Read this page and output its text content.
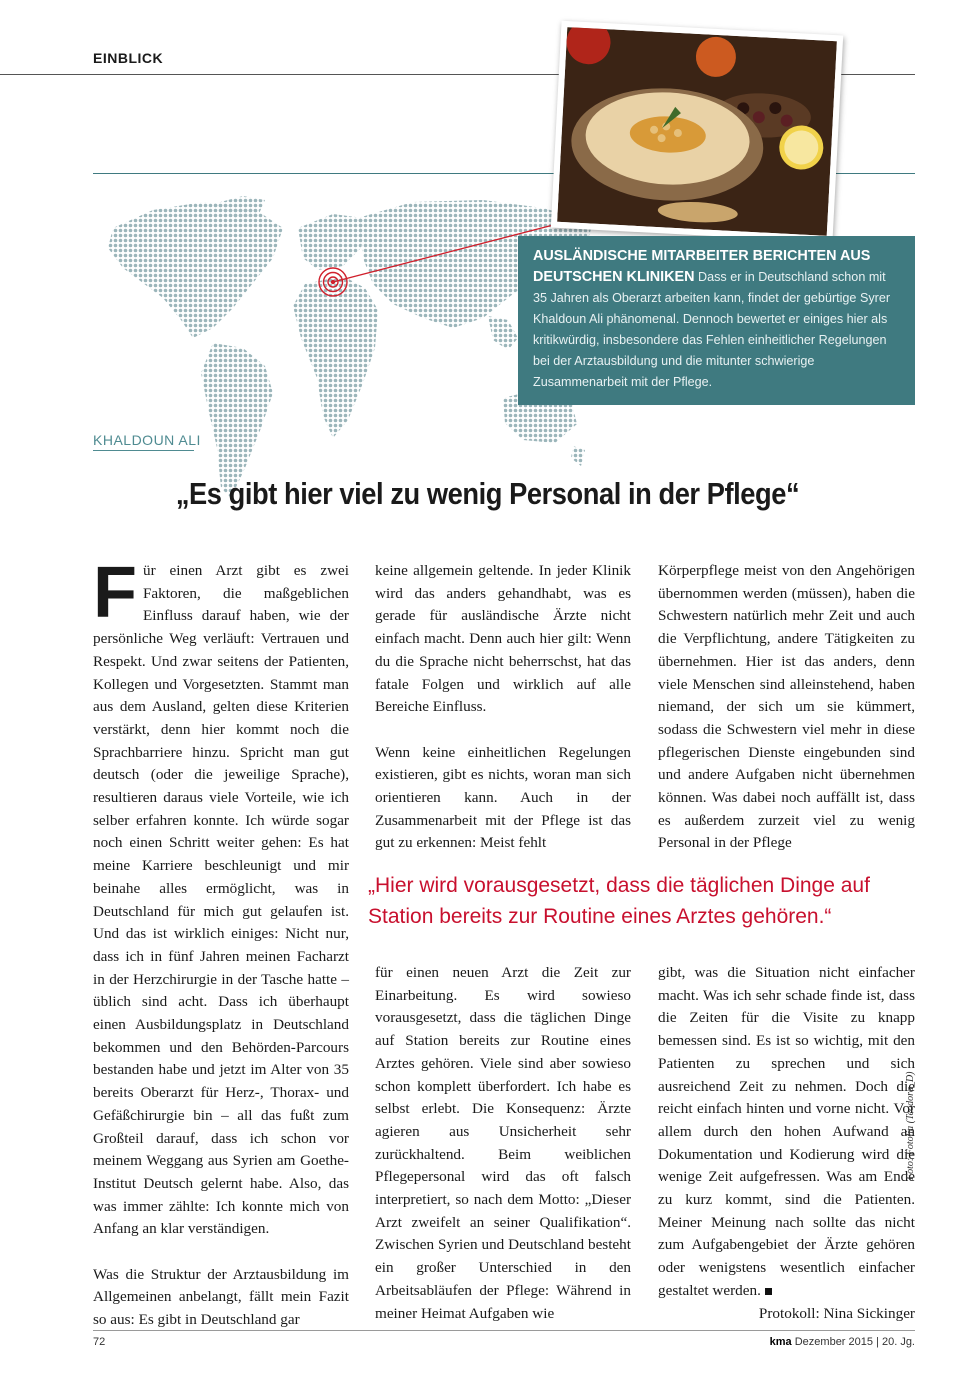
EINBLICK
AUSLÄNDISCHE MITARBEITER BERICHTEN AUS DEUTSCHEN KLINIKEN Dass er in Deutschland schon mit 35 Jahren als Oberarzt arbeiten kann, findet der gebürtige Syrer Khaldoun Ali phänomenal. Dennoch bewertet er einiges hier als kritikwürdig, insbesondere das Fehlen einheitlicher Regelungen bei der Arztausbildung und die mitunter schwierige Zusammenarbeit mit der Pflege.
KHALDOUN ALI
„Es gibt hier viel zu wenig Personal in der Pflege“

Für einen Arzt gibt es zwei Faktoren, die maßgeblichen Einfluss darauf haben, wie der persönliche Weg verläuft: Vertrauen und Respekt. Und zwar seitens der Patienten, Kollegen und Vorgesetzten. Stammt man aus dem Ausland, gelten diese Kriterien verstärkt, denn hier kommt noch die Sprachbarriere hinzu. Spricht man gut deutsch (oder die jeweilige Sprache), resultieren daraus viele Vorteile, wie ich selber erfahren konnte. Ich würde sogar noch einen Schritt weiter gehen: Es hat meine Karriere beschleunigt und mir beinahe alles ermöglicht, was in Deutschland für mich gut gelaufen ist. Und das ist wirklich einiges: Nicht nur, dass ich in fünf Jahren meinen Facharzt in der Herzchirurgie in der Tasche hatte – üblich sind acht. Dass ich überhaupt einen Ausbildungsplatz in Deutschland bekommen und den Behörden-Parcours bestanden habe und jetzt im Alter von 35 bereits Oberarzt für Herz-, Thorax- und Gefäßchirurgie bin – all das fußt zum Großteil darauf, dass ich schon vor meinem Weggang aus Syrien am Goethe-Institut Deutsch gelernt habe. Also, das was immer zählte: Ich konnte mich von Anfang an klar verständigen.

Was die Struktur der Arztausbildung im Allgemeinen anbelangt, fällt mein Fazit so aus: Es gibt in Deutschland gar

keine allgemein geltende. In jeder Klinik wird das anders gehandhabt, was es gerade für ausländische Ärzte nicht einfach macht. Denn auch hier gilt: Wenn du die Sprache nicht beherrschst, hat das fatale Folgen und wirklich auf alle Bereiche Einfluss.

Wenn keine einheitlichen Regelungen existieren, gibt es nichts, woran man sich orientieren kann. Auch in der Zusammenarbeit mit der Pflege ist das gut zu erkennen: Meist fehlt

Körperpflege meist von den Angehörigen übernommen werden (müssen), haben die Schwestern natürlich mehr Zeit und auch die Verpflichtung, andere Tätigkeiten zu übernehmen. Hier ist das anders, denn viele Menschen sind alleinstehend, haben niemand, der sich um sie kümmert, sodass die Schwestern viel mehr in diese pflegerischen Dienste eingebunden sind und andere Aufgaben nicht übernehmen können. Was dabei noch auffällt ist, dass es außerdem zurzeit viel zu wenig Personal in der Pflege

„Hier wird vorausgesetzt, dass die täglichen Dinge auf Station bereits zur Routine eines Arztes gehören.“

für einen neuen Arzt die Zeit zur Einarbeitung. Es wird sowieso vorausgesetzt, dass die täglichen Dinge auf Station bereits zur Routine eines Arztes gehören. Viele sind aber sowieso schon komplett überfordert. Ich habe es selbst erlebt. Die Konsequenz: Ärzte agieren aus Unsicherheit sehr zurückhaltend. Beim weiblichen Pflegepersonal wird das oft falsch interpretiert, so nach dem Motto: „Dieser Arzt zweifelt an seiner Qualifikation“. Zwischen Syrien und Deutschland besteht ein großer Unterschied in den Arbeitsabläufen der Pflege: Während in meiner Heimat Aufgaben wie

gibt, was die Situation nicht einfacher macht. Was ich sehr schade finde ist, dass die Zeiten für die Visite zu knapp bemessen sind. Es ist so wichtig, mit den Patienten zu sprechen und sich ausreichend Zeit zu nehmen. Doch die reicht einfach hinten und vorne nicht. Vor allem durch den hohen Aufwand an Dokumentation und Kodierung wird die wenige Zeit aufgefressen. Was am Ende zu kurz kommt, sind die Patienten. Meiner Meinung nach sollte das nicht zum Aufgabengebiet der Ärzte gehören oder wenigstens wesentlich einfacher gestaltet werden.

Protokoll: Nina Sickinger

Foto: Fotolia (Teodora_D)
72	kma Dezember 2015 | 20. Jg.
